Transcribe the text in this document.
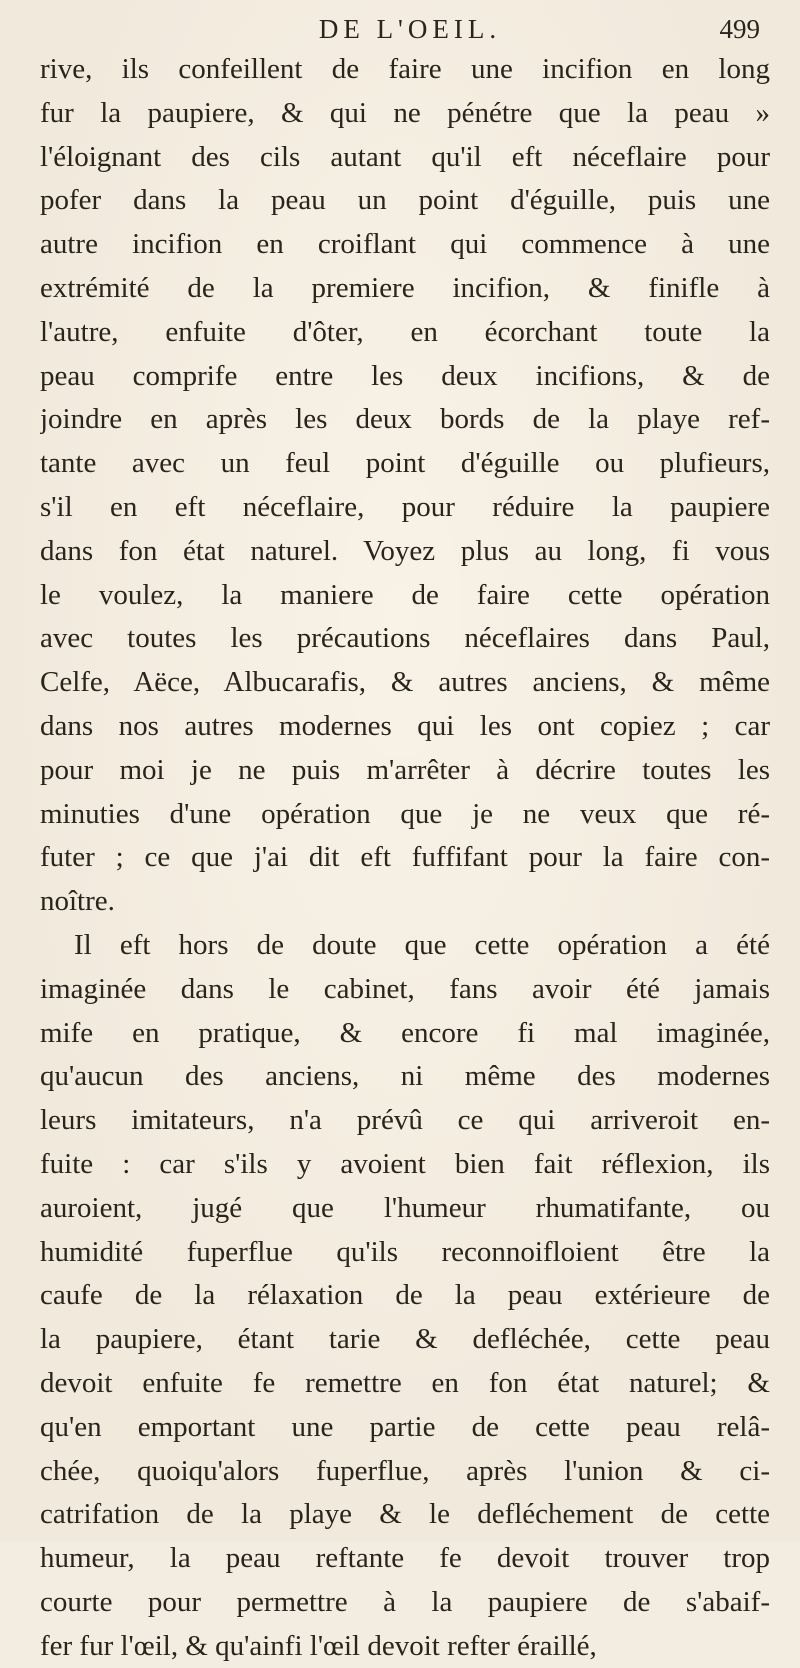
DE L'OEIL.	499
rive, ils confeillent de faire une incifion en long
fur la paupiere, & qui ne pénétre que la peau »
l'éloignant des cils autant qu'il eft néceflaire pour
pofer dans la peau un point d'éguille, puis une
autre incifion en croiflant qui commence à une
extrémité de la premiere incifion, & finifle à
l'autre, enfuite d'ôter, en écorchant toute la
peau comprife entre les deux incifions, & de
joindre en après les deux bords de la playe ref-
tante avec un feul point d'éguille ou plufieurs,
s'il en eft néceflaire, pour réduire la paupiere
dans fon état naturel. Voyez plus au long, fi vous
le voulez, la maniere de faire cette opération
avec toutes les précautions néceflaires dans Paul,
Celfe, Aëce, Albucarafis, & autres anciens, & même
dans nos autres modernes qui les ont copiez ; car
pour moi je ne puis m'arrêter à décrire toutes les
minuties d'une opération que je ne veux que ré-
futer ; ce que j'ai dit eft fuffifant pour la faire con-
noître.
Il eft hors de doute que cette opération a été
imaginée dans le cabinet, fans avoir été jamais
mife en pratique, & encore fi mal imaginée,
qu'aucun des anciens, ni même des modernes
leurs imitateurs, n'a prévû ce qui arriveroit en-
fuite : car s'ils y avoient bien fait réflexion, ils
auroient, jugé que l'humeur rhumatifante, ou
humidité fuperflue qu'ils reconnoifloient être la
caufe de la rélaxation de la peau extérieure de
la paupiere, étant tarie & defléchée, cette peau
devoit enfuite fe remettre en fon état naturel; &
qu'en emportant une partie de cette peau relâ-
chée, quoiqu'alors fuperflue, après l'union & ci-
catrifation de la playe & le defléchement de cette
humeur, la peau reftante fe devoit trouver trop
courte pour permettre à la paupiere de s'abaif-
fer fur l'œil, & qu'ainfi l'œil devoit refter éraillé,
